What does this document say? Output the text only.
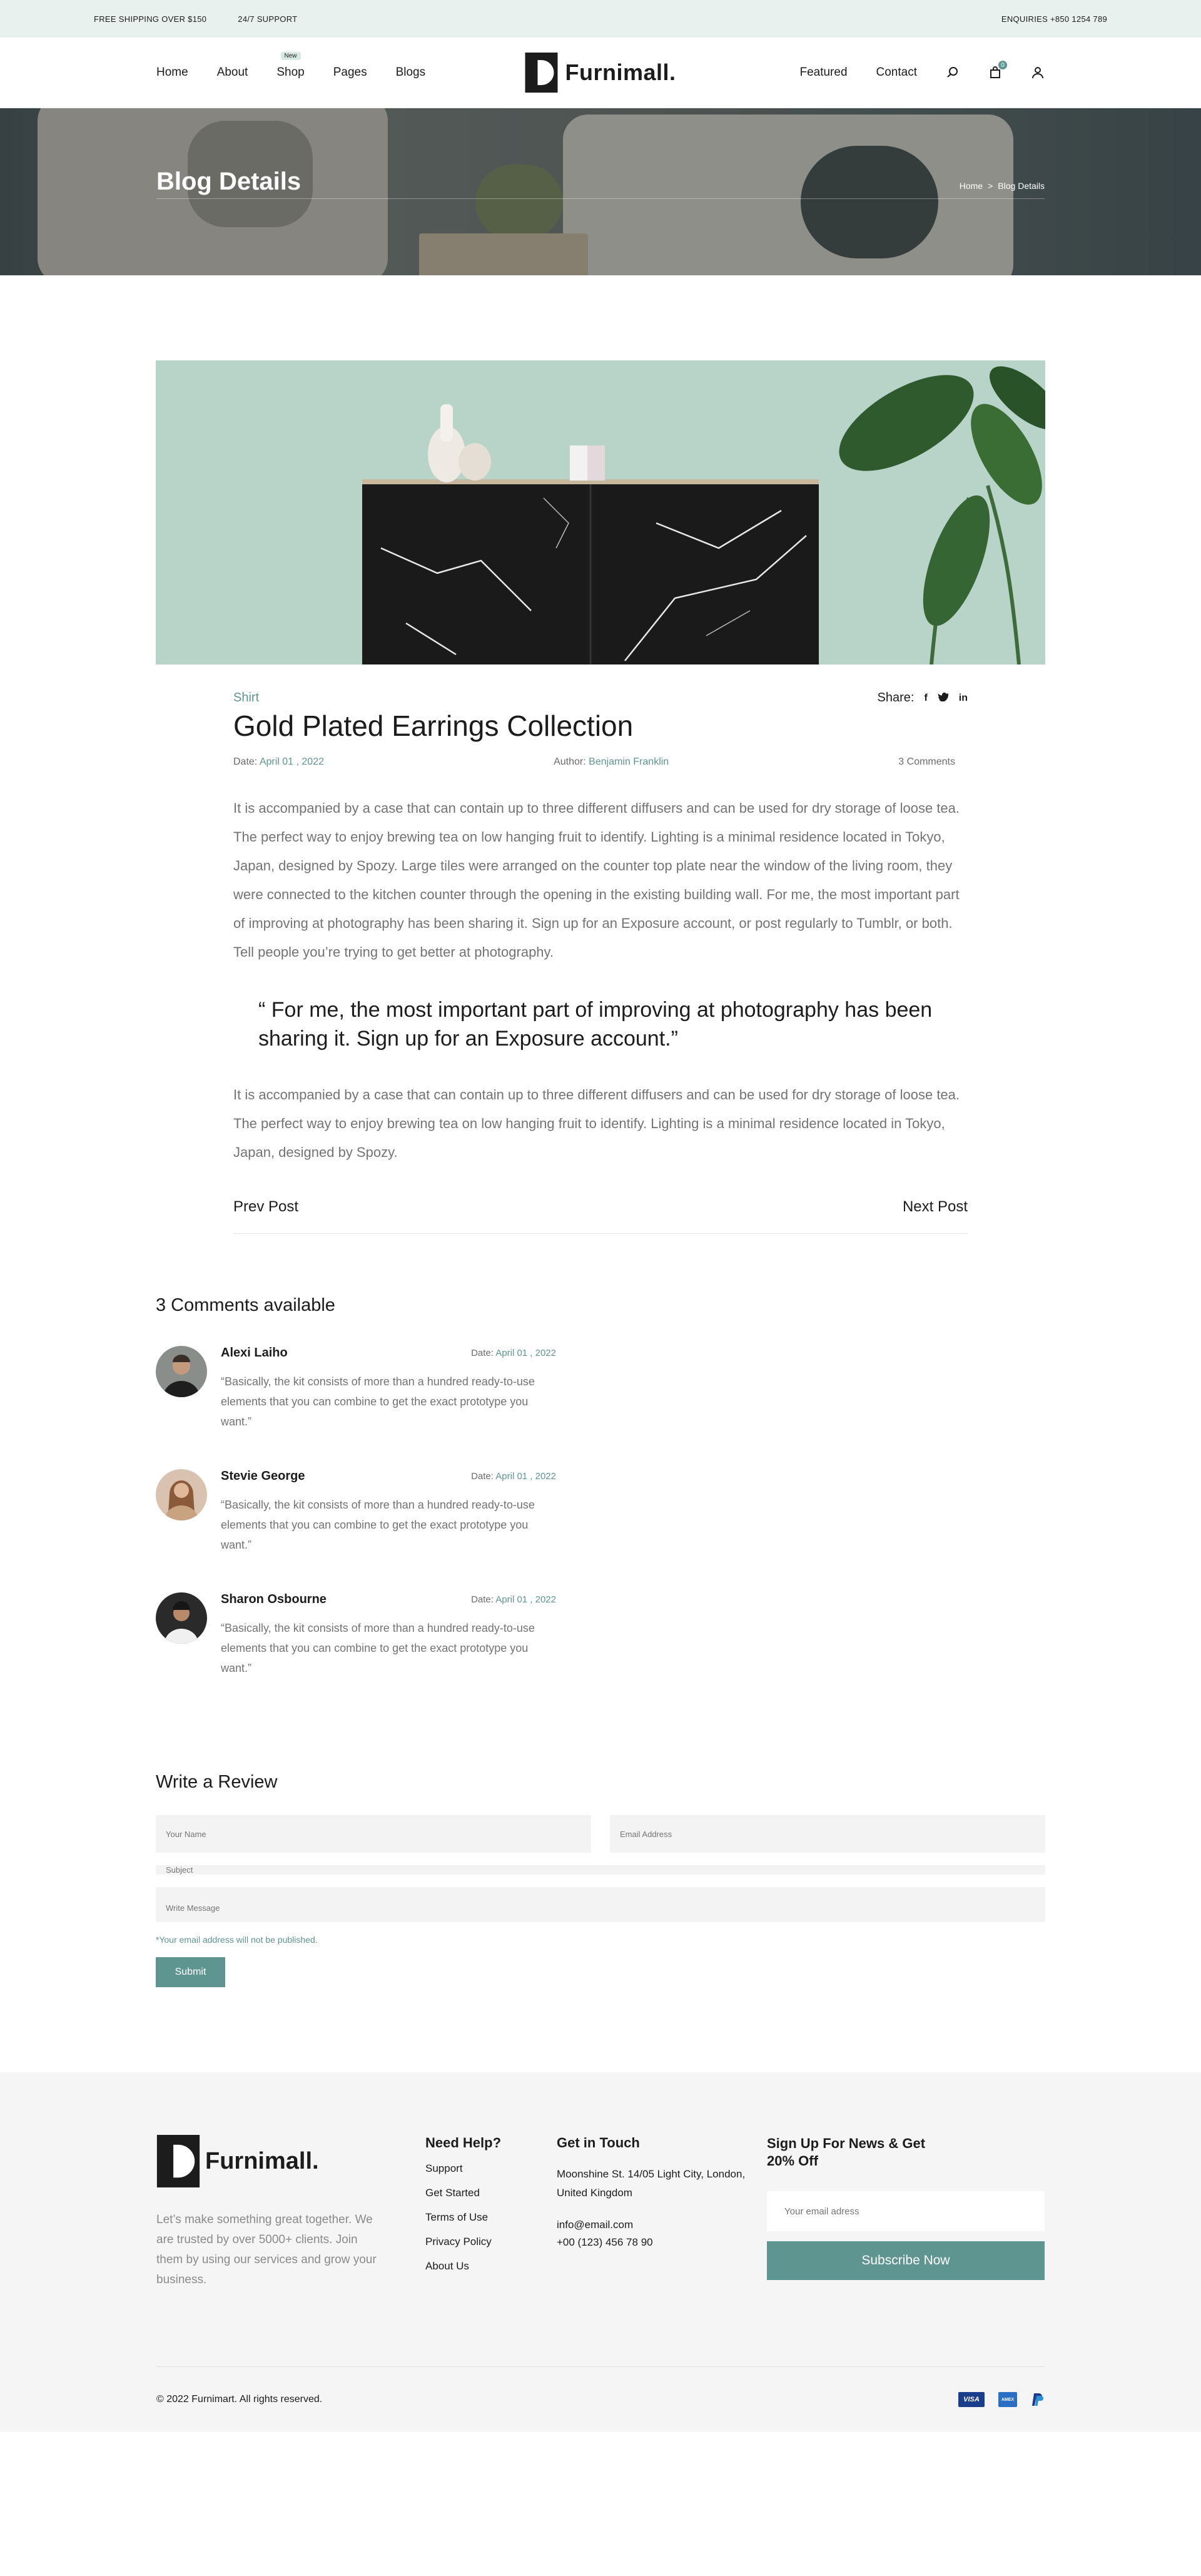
FREE SHIPPING OVER $150	24/7 SUPPORT	ENQUIRIES +850 1254 789
Home About Shop
New
Pages Blogs	Furnimall.	Featured Contact
0
Blog Details	Home > Blog Details
Shirt	Share: f	in
Gold Plated Earrings Collection
Date: April 01 , 2022	Author: Benjamin Franklin	3 Comments

It is accompanied by a case that can contain up to three different diffusers and can be used for dry storage of loose tea. The perfect way to enjoy brewing tea on low hanging fruit to identify. Lighting is a minimal residence located in Tokyo, Japan, designed by Spozy. Large tiles were arranged on the counter top plate near the window of the living room, they were connected to the kitchen counter through the opening in the existing building wall. For me, the most important part of improving at photography has been sharing it. Sign up for an Exposure account, or post regularly to Tumblr, or both. Tell people you’re trying to get better at photography.

“ For me, the most important part of improving at photography has been sharing it. Sign up for an Exposure account.”

It is accompanied by a case that can contain up to three different diffusers and can be used for dry storage of loose tea. The perfect way to enjoy brewing tea on low hanging fruit to identify. Lighting is a minimal residence located in Tokyo, Japan, designed by Spozy.

Prev Post	Next Post
3 Comments available
Alexi Laiho	Date: April 01 , 2022

“Basically, the kit consists of more than a hundred ready-to-use elements that you can combine to get the exact prototype you want.”

Stevie George	Date: April 01 , 2022

“Basically, the kit consists of more than a hundred ready-to-use elements that you can combine to get the exact prototype you want.”

Sharon Osbourne	Date: April 01 , 2022

“Basically, the kit consists of more than a hundred ready-to-use elements that you can combine to get the exact prototype you want.”

Write a Review
Your Name
Email Address
Subject
Write Message

*Your email address will not be published.

Submit
Furnimall.

Let’s make something great together. We are trusted by over 5000+ clients. Join them by using our services and grow your business.

Need Help?
Support
Get Started
Terms of Use
Privacy Policy
About Us
Get in Touch

Moonshine St. 14/05 Light City, London, United Kingdom

info@email.com
+00 (123) 456 78 90
Sign Up For News & Get 20% Off
Your email adress Subscribe Now
© 2022 Furnimart. All rights reserved.	VISA	AMEX
